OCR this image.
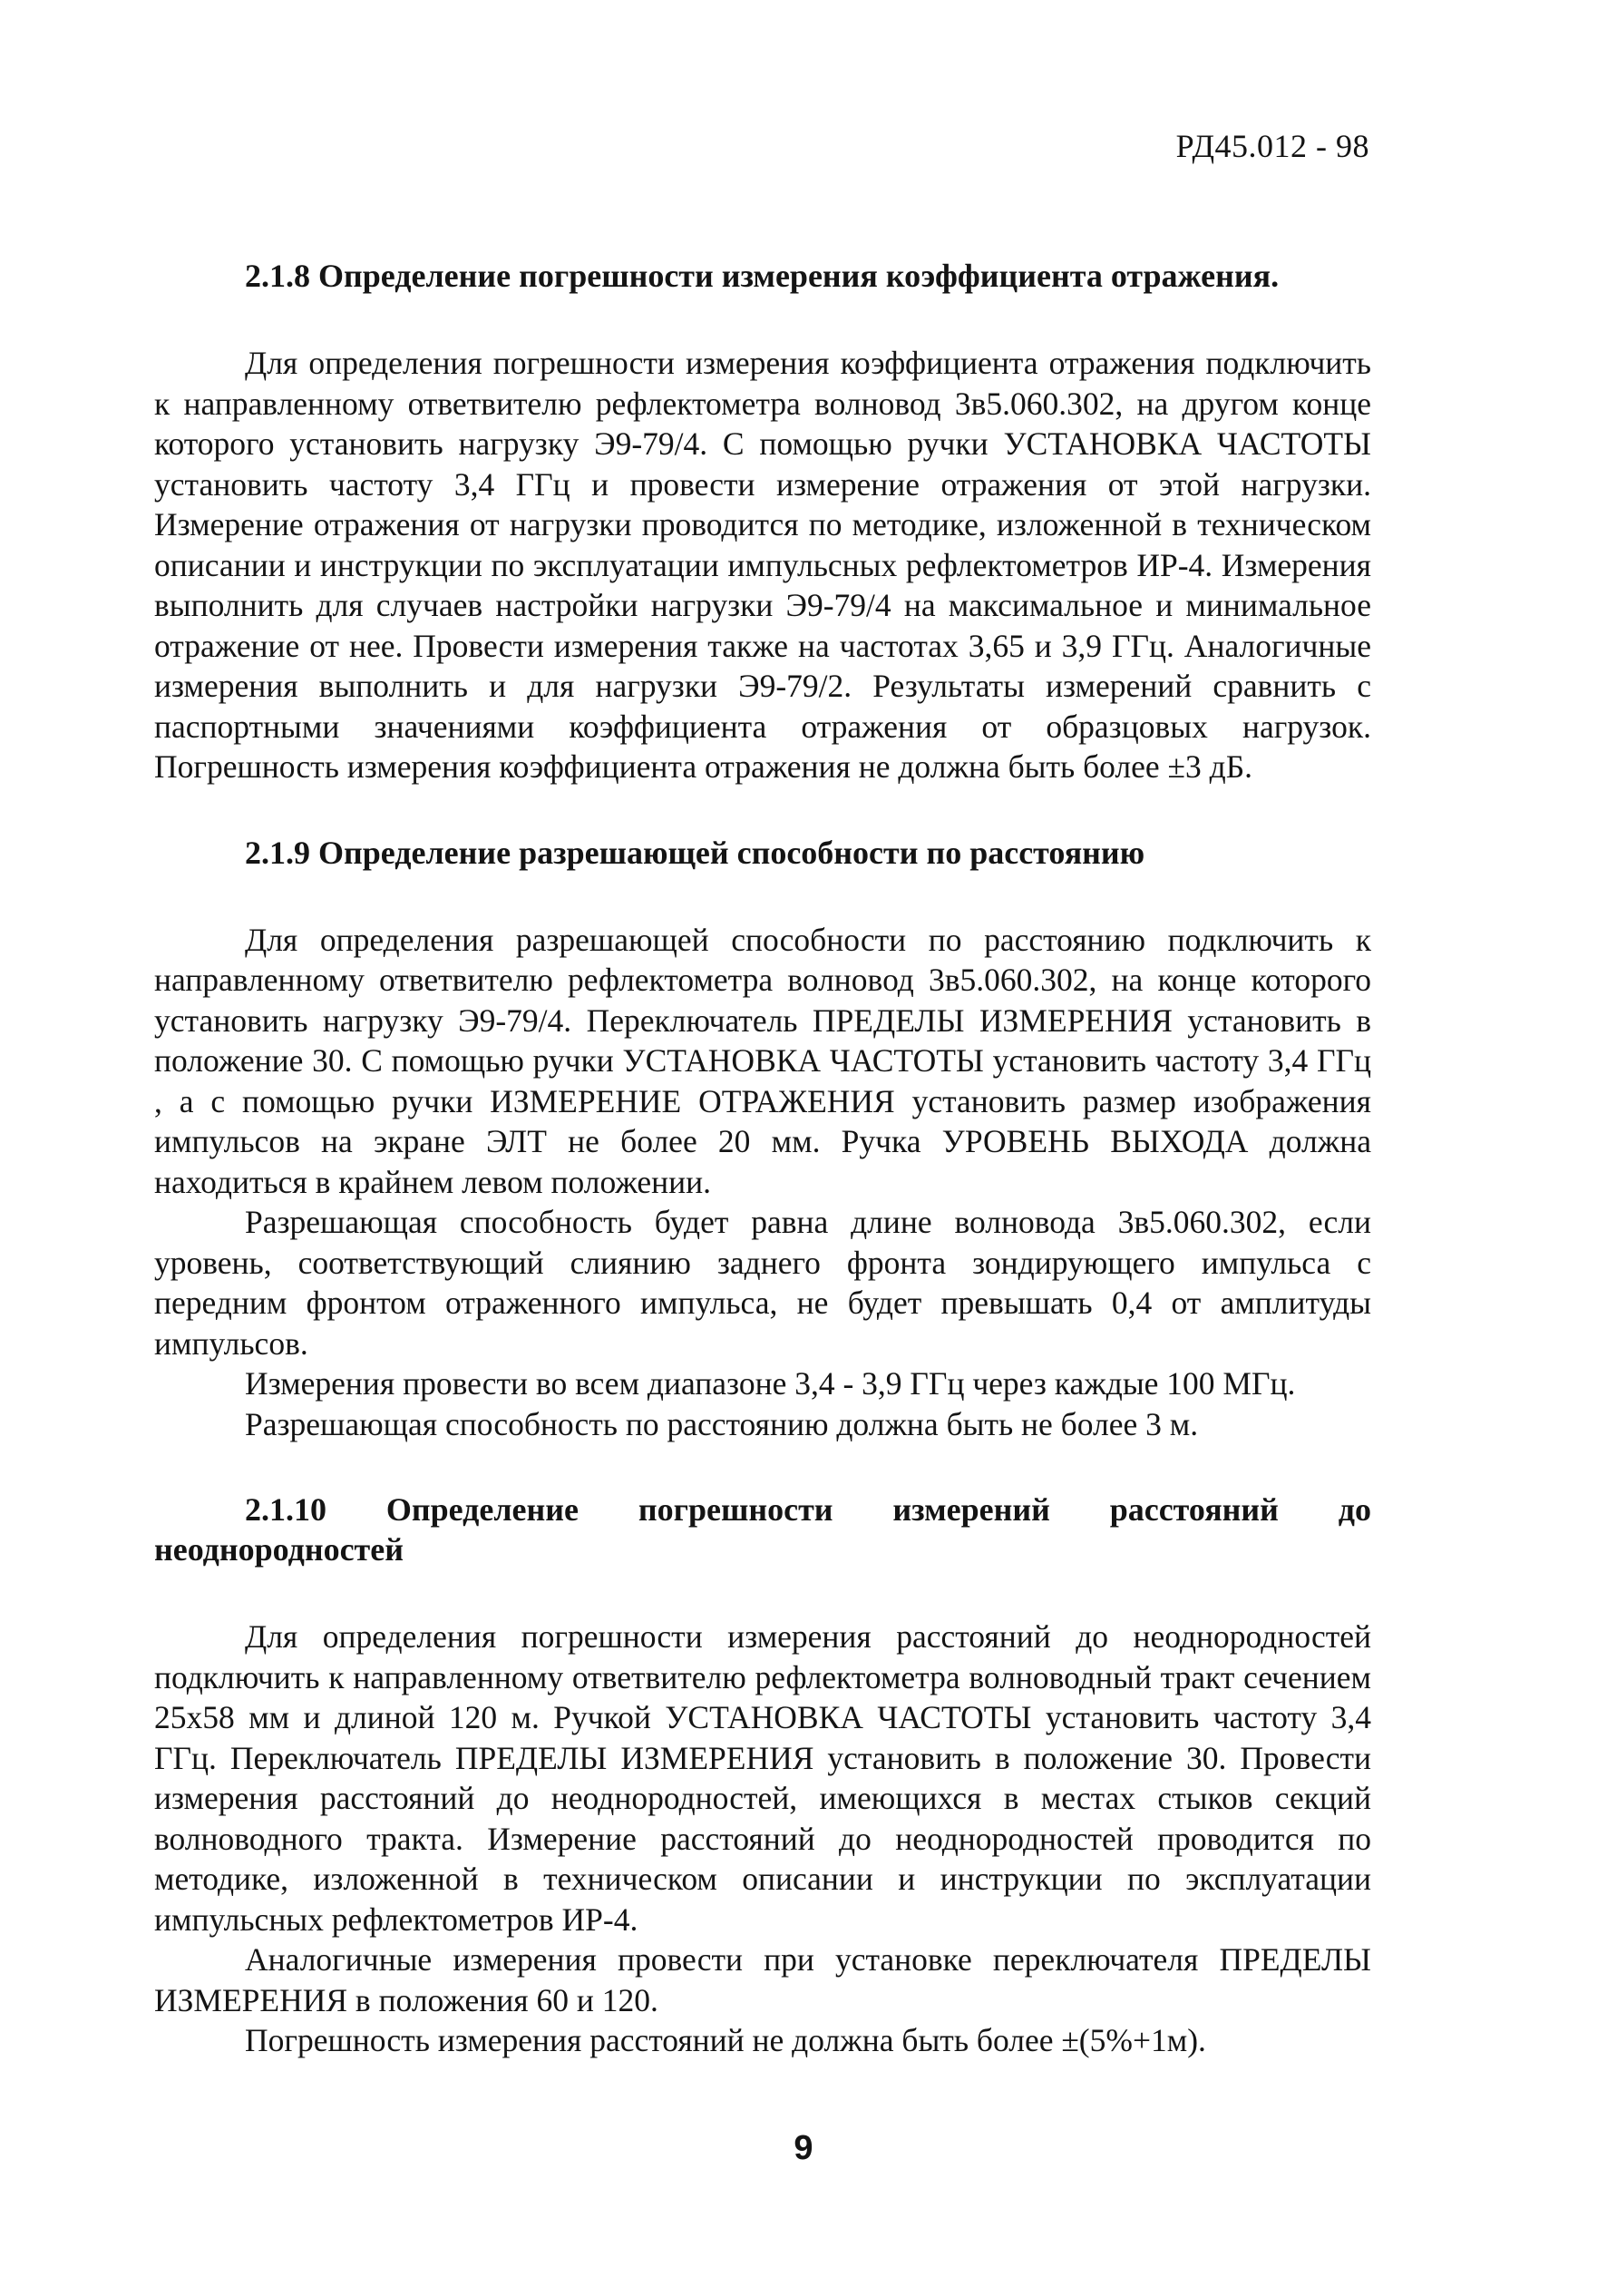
РД45.012 - 98
2.1.8 Определение погрешности измерения коэффициента отражения.

Для определения погрешности измерения коэффициента отражения подключить к направленному ответвителю рефлектометра волновод 3в5.060.302, на другом конце которого установить нагрузку Э9-79/4. С помощью ручки УСТАНОВКА ЧАСТОТЫ установить частоту 3,4 ГГц и провести измерение отражения от этой нагрузки. Измерение отражения от нагрузки проводится по методике, изложенной в техническом описании и инструкции по эксплуатации импульсных рефлектометров ИР-4. Измерения выполнить для случаев настройки нагрузки Э9-79/4 на максимальное и минимальное отражение от нее. Провести измерения также на частотах 3,65 и 3,9 ГГц. Аналогичные измерения выполнить и для нагрузки Э9-79/2. Результаты измерений сравнить с паспортными значениями коэффициента отражения от образцовых нагрузок. Погрешность измерения коэффициента отражения не должна быть более ±3 дБ.

2.1.9 Определение разрешающей способности по расстоянию

Для определения разрешающей способности по расстоянию подключить к направленному ответвителю рефлектометра волновод 3в5.060.302, на конце которого установить нагрузку Э9-79/4. Переключатель ПРЕДЕЛЫ ИЗМЕРЕНИЯ установить в положение 30. С помощью ручки УСТАНОВКА ЧАСТОТЫ установить частоту 3,4 ГГц , а с помощью ручки ИЗМЕРЕНИЕ ОТРАЖЕНИЯ установить размер изображения импульсов на экране ЭЛТ не более 20 мм. Ручка УРОВЕНЬ ВЫХОДА должна находиться в крайнем левом положении.

Разрешающая способность будет равна длине волновода 3в5.060.302, если уровень, соответствующий слиянию заднего фронта зондирующего импульса с передним фронтом отраженного импульса, не будет превышать 0,4 от амплитуды импульсов.

Измерения провести во всем диапазоне 3,4 - 3,9 ГГц через каждые 100 МГц.

Разрешающая способность по расстоянию должна быть не более 3 м.

2.1.10 Определение погрешности измерений расстояний до неоднородностей

Для определения погрешности измерения расстояний до неоднородностей подключить к направленному ответвителю рефлектометра волноводный тракт сечением 25х58 мм и длиной 120 м. Ручкой УСТАНОВКА ЧАСТОТЫ установить частоту 3,4 ГГц. Переключатель ПРЕДЕЛЫ ИЗМЕРЕНИЯ установить в положение 30. Провести измерения расстояний до неоднородностей, имеющихся в местах стыков секций волноводного тракта. Измерение расстояний до неоднородностей проводится по методике, изложенной в техническом описании и инструкции по эксплуатации импульсных рефлектометров ИР-4.

Аналогичные измерения провести при установке переключателя ПРЕДЕЛЫ ИЗМЕРЕНИЯ в положения 60 и 120.

Погрешность измерения расстояний не должна быть более ±(5%+1м).

9
